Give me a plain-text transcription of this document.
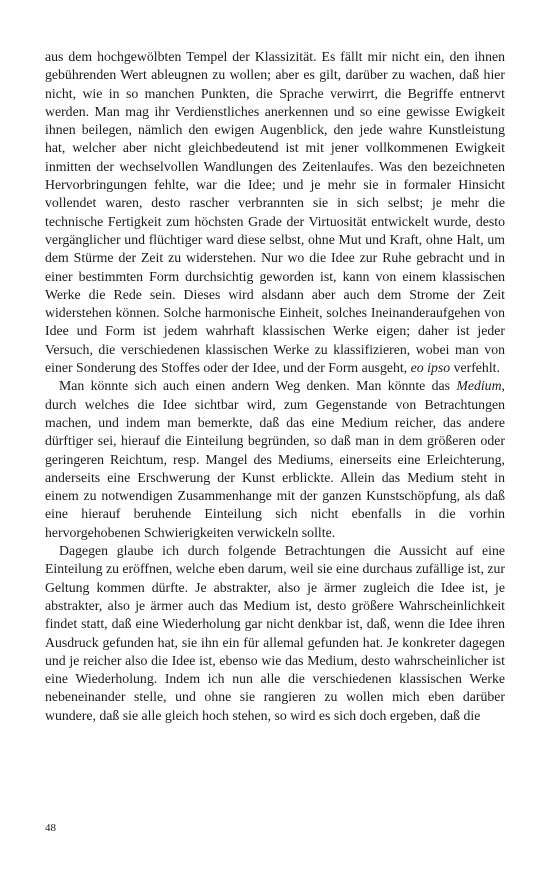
aus dem hochgewölbten Tempel der Klassizität. Es fällt mir nicht ein, den ihnen gebührenden Wert ableugnen zu wollen; aber es gilt, darüber zu wachen, daß hier nicht, wie in so manchen Punkten, die Sprache verwirrt, die Begriffe entnervt werden. Man mag ihr Verdienstliches anerkennen und so eine gewisse Ewigkeit ihnen beilegen, nämlich den ewigen Augenblick, den jede wahre Kunstleistung hat, welcher aber nicht gleichbedeutend ist mit jener vollkommenen Ewigkeit inmitten der wechselvollen Wandlungen des Zeitenlaufes. Was den bezeichneten Hervorbringungen fehlte, war die Idee; und je mehr sie in formaler Hinsicht vollendet waren, desto rascher verbrannten sie in sich selbst; je mehr die technische Fertigkeit zum höchsten Grade der Virtuosität entwickelt wurde, desto vergänglicher und flüchtiger ward diese selbst, ohne Mut und Kraft, ohne Halt, um dem Stürme der Zeit zu widerstehen. Nur wo die Idee zur Ruhe gebracht und in einer bestimmten Form durchsichtig geworden ist, kann von einem klassischen Werke die Rede sein. Dieses wird alsdann aber auch dem Strome der Zeit widerstehen können. Solche harmonische Einheit, solches Ineinanderaufgehen von Idee und Form ist jedem wahrhaft klassischen Werke eigen; daher ist jeder Versuch, die verschiedenen klassischen Werke zu klassifizieren, wobei man von einer Sonderung des Stoffes oder der Idee, und der Form ausgeht, eo ipso verfehlt.

Man könnte sich auch einen andern Weg denken. Man könnte das Medium, durch welches die Idee sichtbar wird, zum Gegenstande von Betrachtungen machen, und indem man bemerkte, daß das eine Medium reicher, das andere dürftiger sei, hierauf die Einteilung begründen, so daß man in dem größeren oder geringeren Reichtum, resp. Mangel des Mediums, einerseits eine Erleichterung, anderseits eine Erschwerung der Kunst erblickte. Allein das Medium steht in einem zu notwendigen Zusammenhange mit der ganzen Kunstschöpfung, als daß eine hierauf beruhende Einteilung sich nicht ebenfalls in die vorhin hervorgehobenen Schwierigkeiten verwickeln sollte.

Dagegen glaube ich durch folgende Betrachtungen die Aussicht auf eine Einteilung zu eröffnen, welche eben darum, weil sie eine durchaus zufällige ist, zur Geltung kommen dürfte. Je abstrakter, also je ärmer zugleich die Idee ist, je abstrakter, also je ärmer auch das Medium ist, desto größere Wahrscheinlichkeit findet statt, daß eine Wiederholung gar nicht denkbar ist, daß, wenn die Idee ihren Ausdruck gefunden hat, sie ihn ein für allemal gefunden hat. Je konkreter dagegen und je reicher also die Idee ist, ebenso wie das Medium, desto wahrscheinlicher ist eine Wiederholung. Indem ich nun alle die verschiedenen klassischen Werke nebeneinander stelle, und ohne sie rangieren zu wollen mich eben darüber wundere, daß sie alle gleich hoch stehen, so wird es sich doch ergeben, daß die

48
